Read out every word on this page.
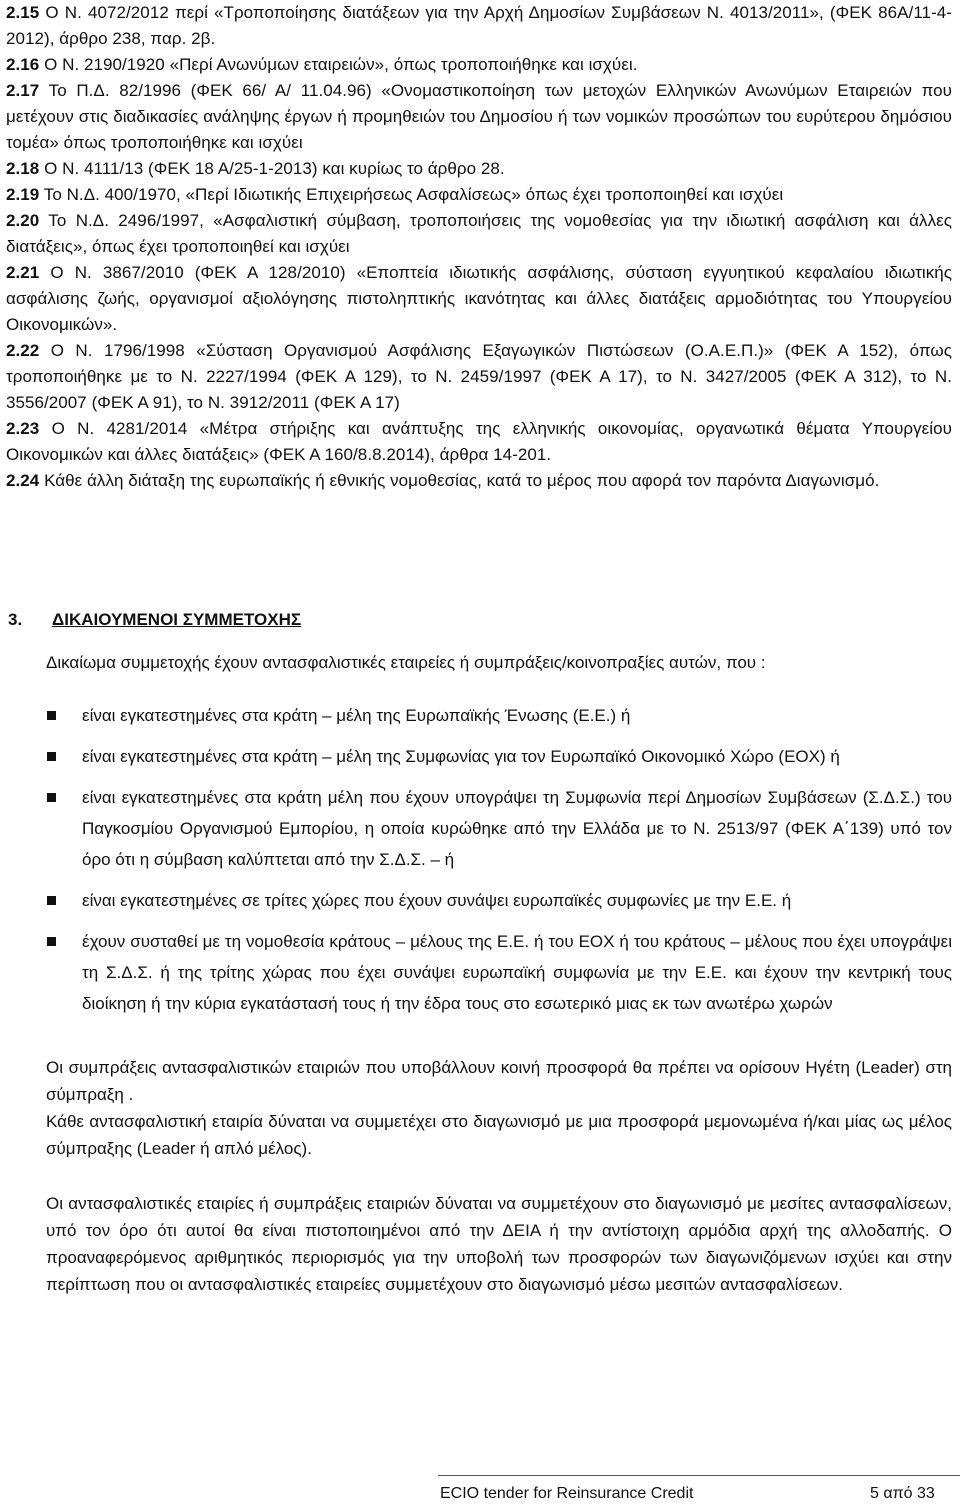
2.15 Ο Ν. 4072/2012 περί «Τροποποίησης διατάξεων για την Αρχή Δημοσίων Συμβάσεων Ν. 4013/2011», (ΦΕΚ 86Α/11-4-2012), άρθρο 238, παρ. 2β.

2.16 Ο Ν. 2190/1920 «Περί Ανωνύμων εταιρειών», όπως τροποποιήθηκε και ισχύει.

2.17 Το Π.Δ. 82/1996 (ΦΕΚ 66/ Α/ 11.04.96) «Ονομαστικοποίηση των μετοχών Ελληνικών Ανωνύμων Εταιρειών που μετέχουν στις διαδικασίες ανάληψης έργων ή προμηθειών του Δημοσίου ή των νομικών προσώπων του ευρύτερου δημόσιου τομέα» όπως τροποποιήθηκε και ισχύει

2.18 Ο Ν. 4111/13 (ΦΕΚ 18 Α/25-1-2013) και κυρίως το άρθρο 28.

2.19 Το Ν.Δ. 400/1970, «Περί Ιδιωτικής Επιχειρήσεως Ασφαλίσεως» όπως έχει τροποποιηθεί και ισχύει

2.20 Το Ν.Δ. 2496/1997, «Ασφαλιστική σύμβαση, τροποποιήσεις της νομοθεσίας για την ιδιωτική ασφάλιση και άλλες διατάξεις», όπως έχει τροποποιηθεί και ισχύει

2.21 Ο Ν. 3867/2010 (ΦΕΚ Α 128/2010) «Εποπτεία ιδιωτικής ασφάλισης, σύσταση εγγυητικού κεφαλαίου ιδιωτικής ασφάλισης ζωής, οργανισμοί αξιολόγησης πιστοληπτικής ικανότητας και άλλες διατάξεις αρμοδιότητας του Υπουργείου Οικονομικών».

2.22 Ο Ν. 1796/1998 «Σύσταση Οργανισμού Ασφάλισης Εξαγωγικών Πιστώσεων (Ο.Α.Ε.Π.)» (ΦΕΚ Α 152), όπως τροποποιήθηκε με το Ν. 2227/1994 (ΦΕΚ Α 129), το Ν. 2459/1997 (ΦΕΚ Α 17), το Ν. 3427/2005 (ΦΕΚ Α 312), το Ν. 3556/2007 (ΦΕΚ Α 91), το Ν. 3912/2011 (ΦΕΚ Α 17)

2.23 Ο Ν. 4281/2014 «Μέτρα στήριξης και ανάπτυξης της ελληνικής οικονομίας, οργανωτικά θέματα Υπουργείου Οικονομικών και άλλες διατάξεις» (ΦΕΚ Α 160/8.8.2014), άρθρα 14-201.

2.24 Κάθε άλλη διάταξη της ευρωπαϊκής ή εθνικής νομοθεσίας, κατά το μέρος που αφορά τον παρόντα Διαγωνισμό.

3. ΔΙΚΑΙΟΥΜΕΝΟΙ ΣΥΜΜΕΤΟΧΗΣ

Δικαίωμα συμμετοχής έχουν αντασφαλιστικές εταιρείες ή συμπράξεις/κοινοπραξίες αυτών, που :

είναι εγκατεστημένες στα κράτη – μέλη της Ευρωπαϊκής Ένωσης (Ε.Ε.) ή
είναι εγκατεστημένες στα κράτη – μέλη της Συμφωνίας για τον Ευρωπαϊκό Οικονομικό Χώρο (ΕΟΧ) ή
είναι εγκατεστημένες στα κράτη μέλη που έχουν υπογράψει τη Συμφωνία περί Δημοσίων Συμβάσεων (Σ.Δ.Σ.) του Παγκοσμίου Οργανισμού Εμπορίου, η οποία κυρώθηκε από την Ελλάδα με το Ν. 2513/97 (ΦΕΚ Α΄139) υπό τον όρο ότι η σύμβαση καλύπτεται από την Σ.Δ.Σ. – ή
είναι εγκατεστημένες σε τρίτες χώρες που έχουν συνάψει ευρωπαϊκές συμφωνίες με την Ε.Ε. ή
έχουν συσταθεί με τη νομοθεσία κράτους – μέλους της Ε.Ε. ή του ΕΟΧ ή του κράτους – μέλους που έχει υπογράψει τη Σ.Δ.Σ. ή της τρίτης χώρας που έχει συνάψει ευρωπαϊκή συμφωνία με την Ε.Ε. και έχουν την κεντρική τους διοίκηση ή την κύρια εγκατάστασή τους ή την έδρα τους στο εσωτερικό μιας εκ των ανωτέρω χωρών

Οι συμπράξεις αντασφαλιστικών εταιριών που υποβάλλουν κοινή προσφορά θα πρέπει να ορίσουν Ηγέτη (Leader) στη σύμπραξη .

Κάθε αντασφαλιστική εταιρία δύναται να συμμετέχει στο διαγωνισμό με μια προσφορά μεμονωμένα ή/και μίας ως μέλος σύμπραξης (Leader ή απλό μέλος).

Οι αντασφαλιστικές εταιρίες ή συμπράξεις εταιριών δύναται να συμμετέχουν στο διαγωνισμό με μεσίτες αντασφαλίσεων, υπό τον όρο ότι αυτοί θα είναι πιστοποιημένοι από την ΔΕΙΑ ή την αντίστοιχη αρμόδια αρχή της αλλοδαπής. Ο προαναφερόμενος αριθμητικός περιορισμός για την υποβολή των προσφορών των διαγωνιζόμενων ισχύει και στην περίπτωση που οι αντασφαλιστικές εταιρείες συμμετέχουν στο διαγωνισμό μέσω μεσιτών αντασφαλίσεων.

ECIO tender for Reinsurance Credit	5 από 33
